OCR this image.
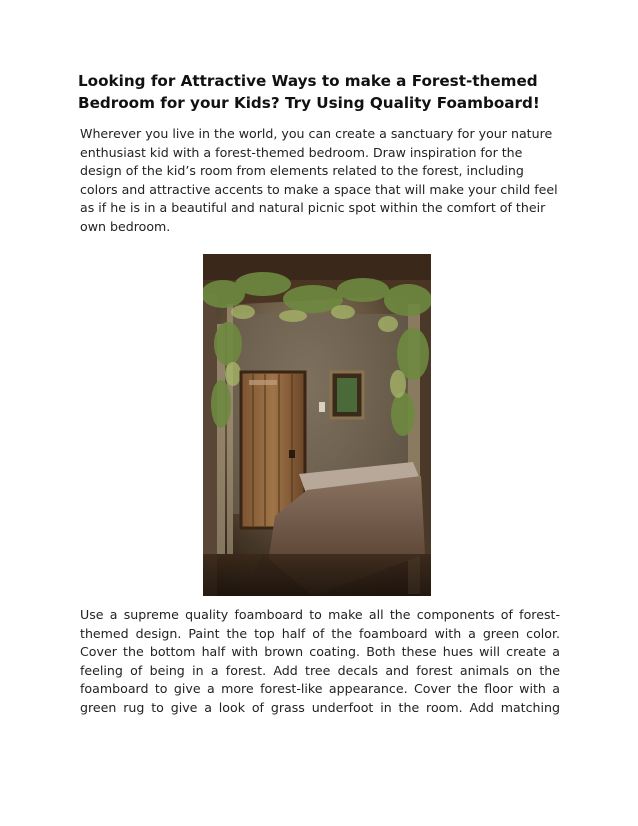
Looking for Attractive Ways to make a Forest-themed
Bedroom for your Kids? Try Using Quality Foamboard!
Wherever you live in the world, you can create a sanctuary for your nature
enthusiast kid with a forest-themed bedroom. Draw inspiration for the
design of the kid’s room from elements related to the forest, including
colors and attractive accents to make a space that will make your child feel
as if he is in a beautiful and natural picnic spot within the comfort of their
own bedroom.
Use a supreme quality foamboard to make all the components of forest-
themed design. Paint the top half of the foamboard with a green color.
Cover the bottom half with brown coating. Both these hues will create a
feeling of being in a forest. Add tree decals and forest animals on the
foamboard to give a more forest-like appearance. Cover the floor with a
green rug to give a look of grass underfoot in the room. Add matching
